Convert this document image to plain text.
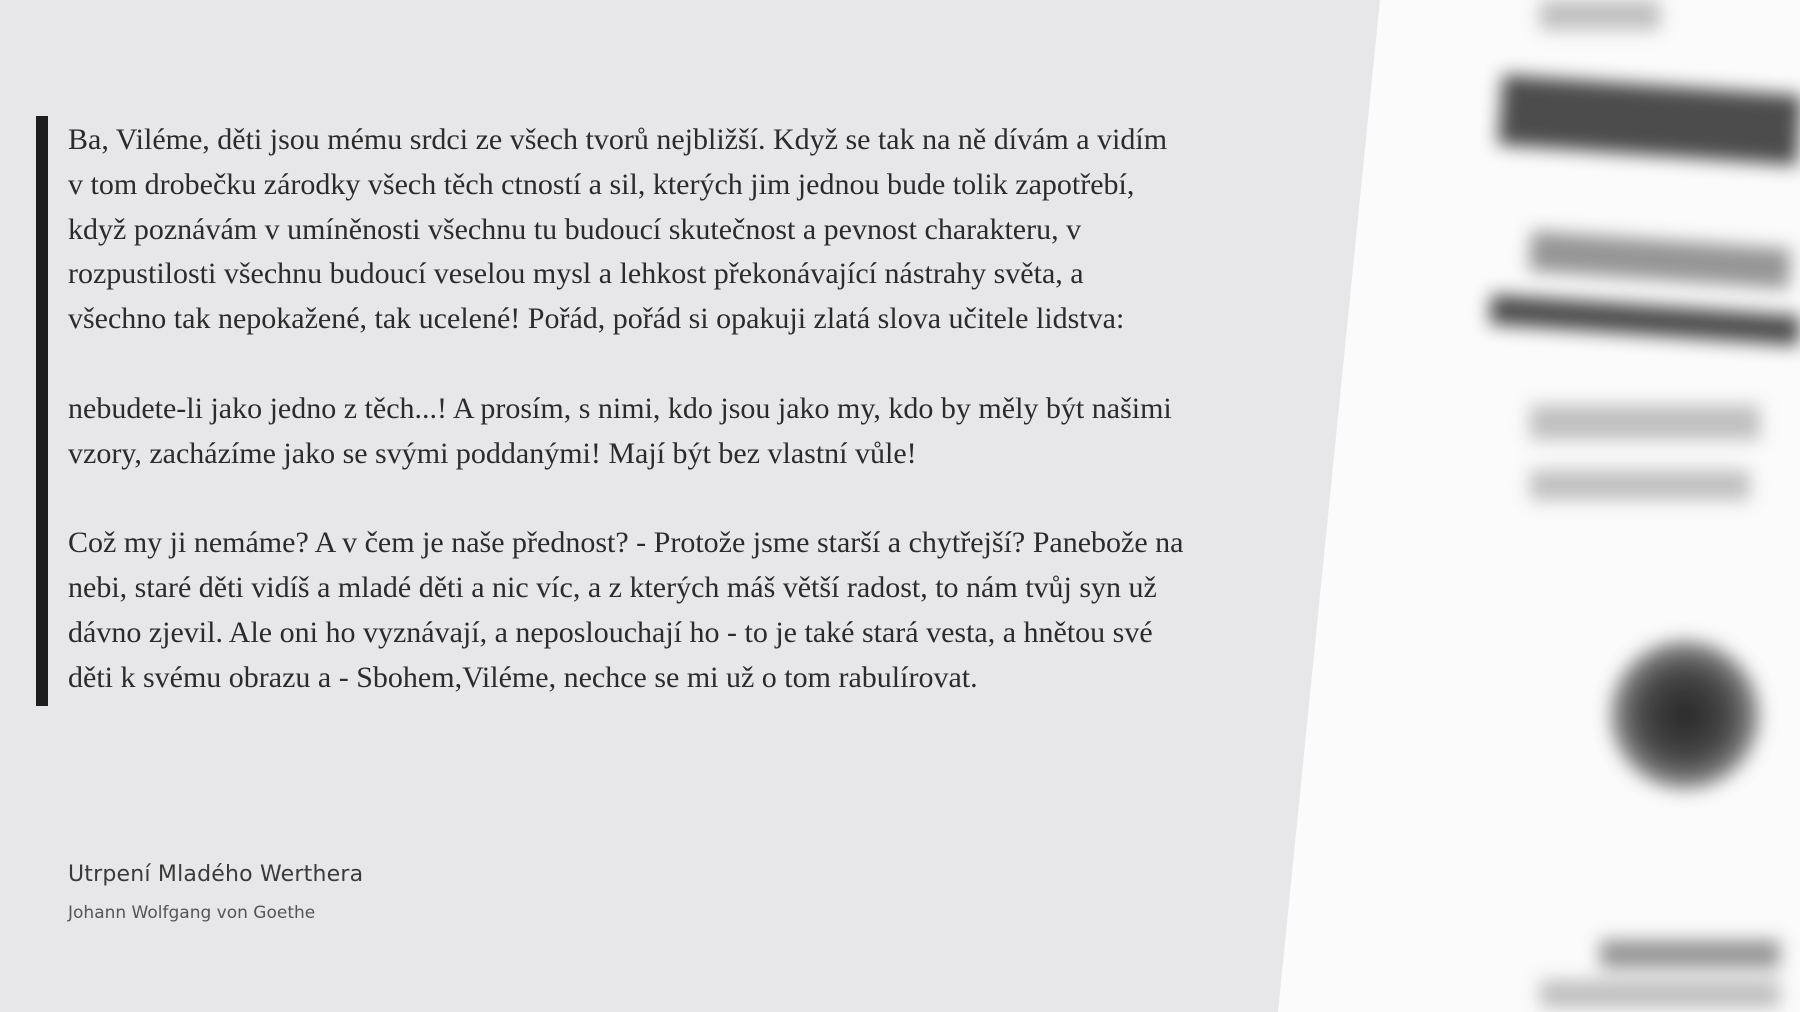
Ba, Viléme, děti jsou mému srdci ze všech tvorů nejbližší. Když se tak na ně dívám a vidím v tom drobečku zárodky všech těch ctností a sil, kterých jim jednou bude tolik zapotřebí, když poznávám v umíněnosti všechnu tu budoucí skutečnost a pevnost charakteru, v rozpustilosti všechnu budoucí veselou mysl a lehkost překonávající nástrahy světa, a všechno tak nepokažené, tak ucelené! Pořád, pořád si opakuji zlatá slova učitele lidstva:

nebudete-li jako jedno z těch...! A prosím, s nimi, kdo jsou jako my, kdo by měly být našimi vzory, zacházíme jako se svými poddanými! Mají být bez vlastní vůle!

Což my ji nemáme? A v čem je naše přednost? - Protože jsme starší a chytřejší? Panebože na nebi, staré děti vidíš a mladé děti a nic víc, a z kterých máš větší radost, to nám tvůj syn už dávno zjevil. Ale oni ho vyznávají, a neposlouchají ho - to je také stará vesta, a hnětou své děti k svému obrazu a - Sbohem,Viléme, nechce se mi už o tom rabulírovat.

Utrpení Mladého Werthera
Johann Wolfgang von Goethe
